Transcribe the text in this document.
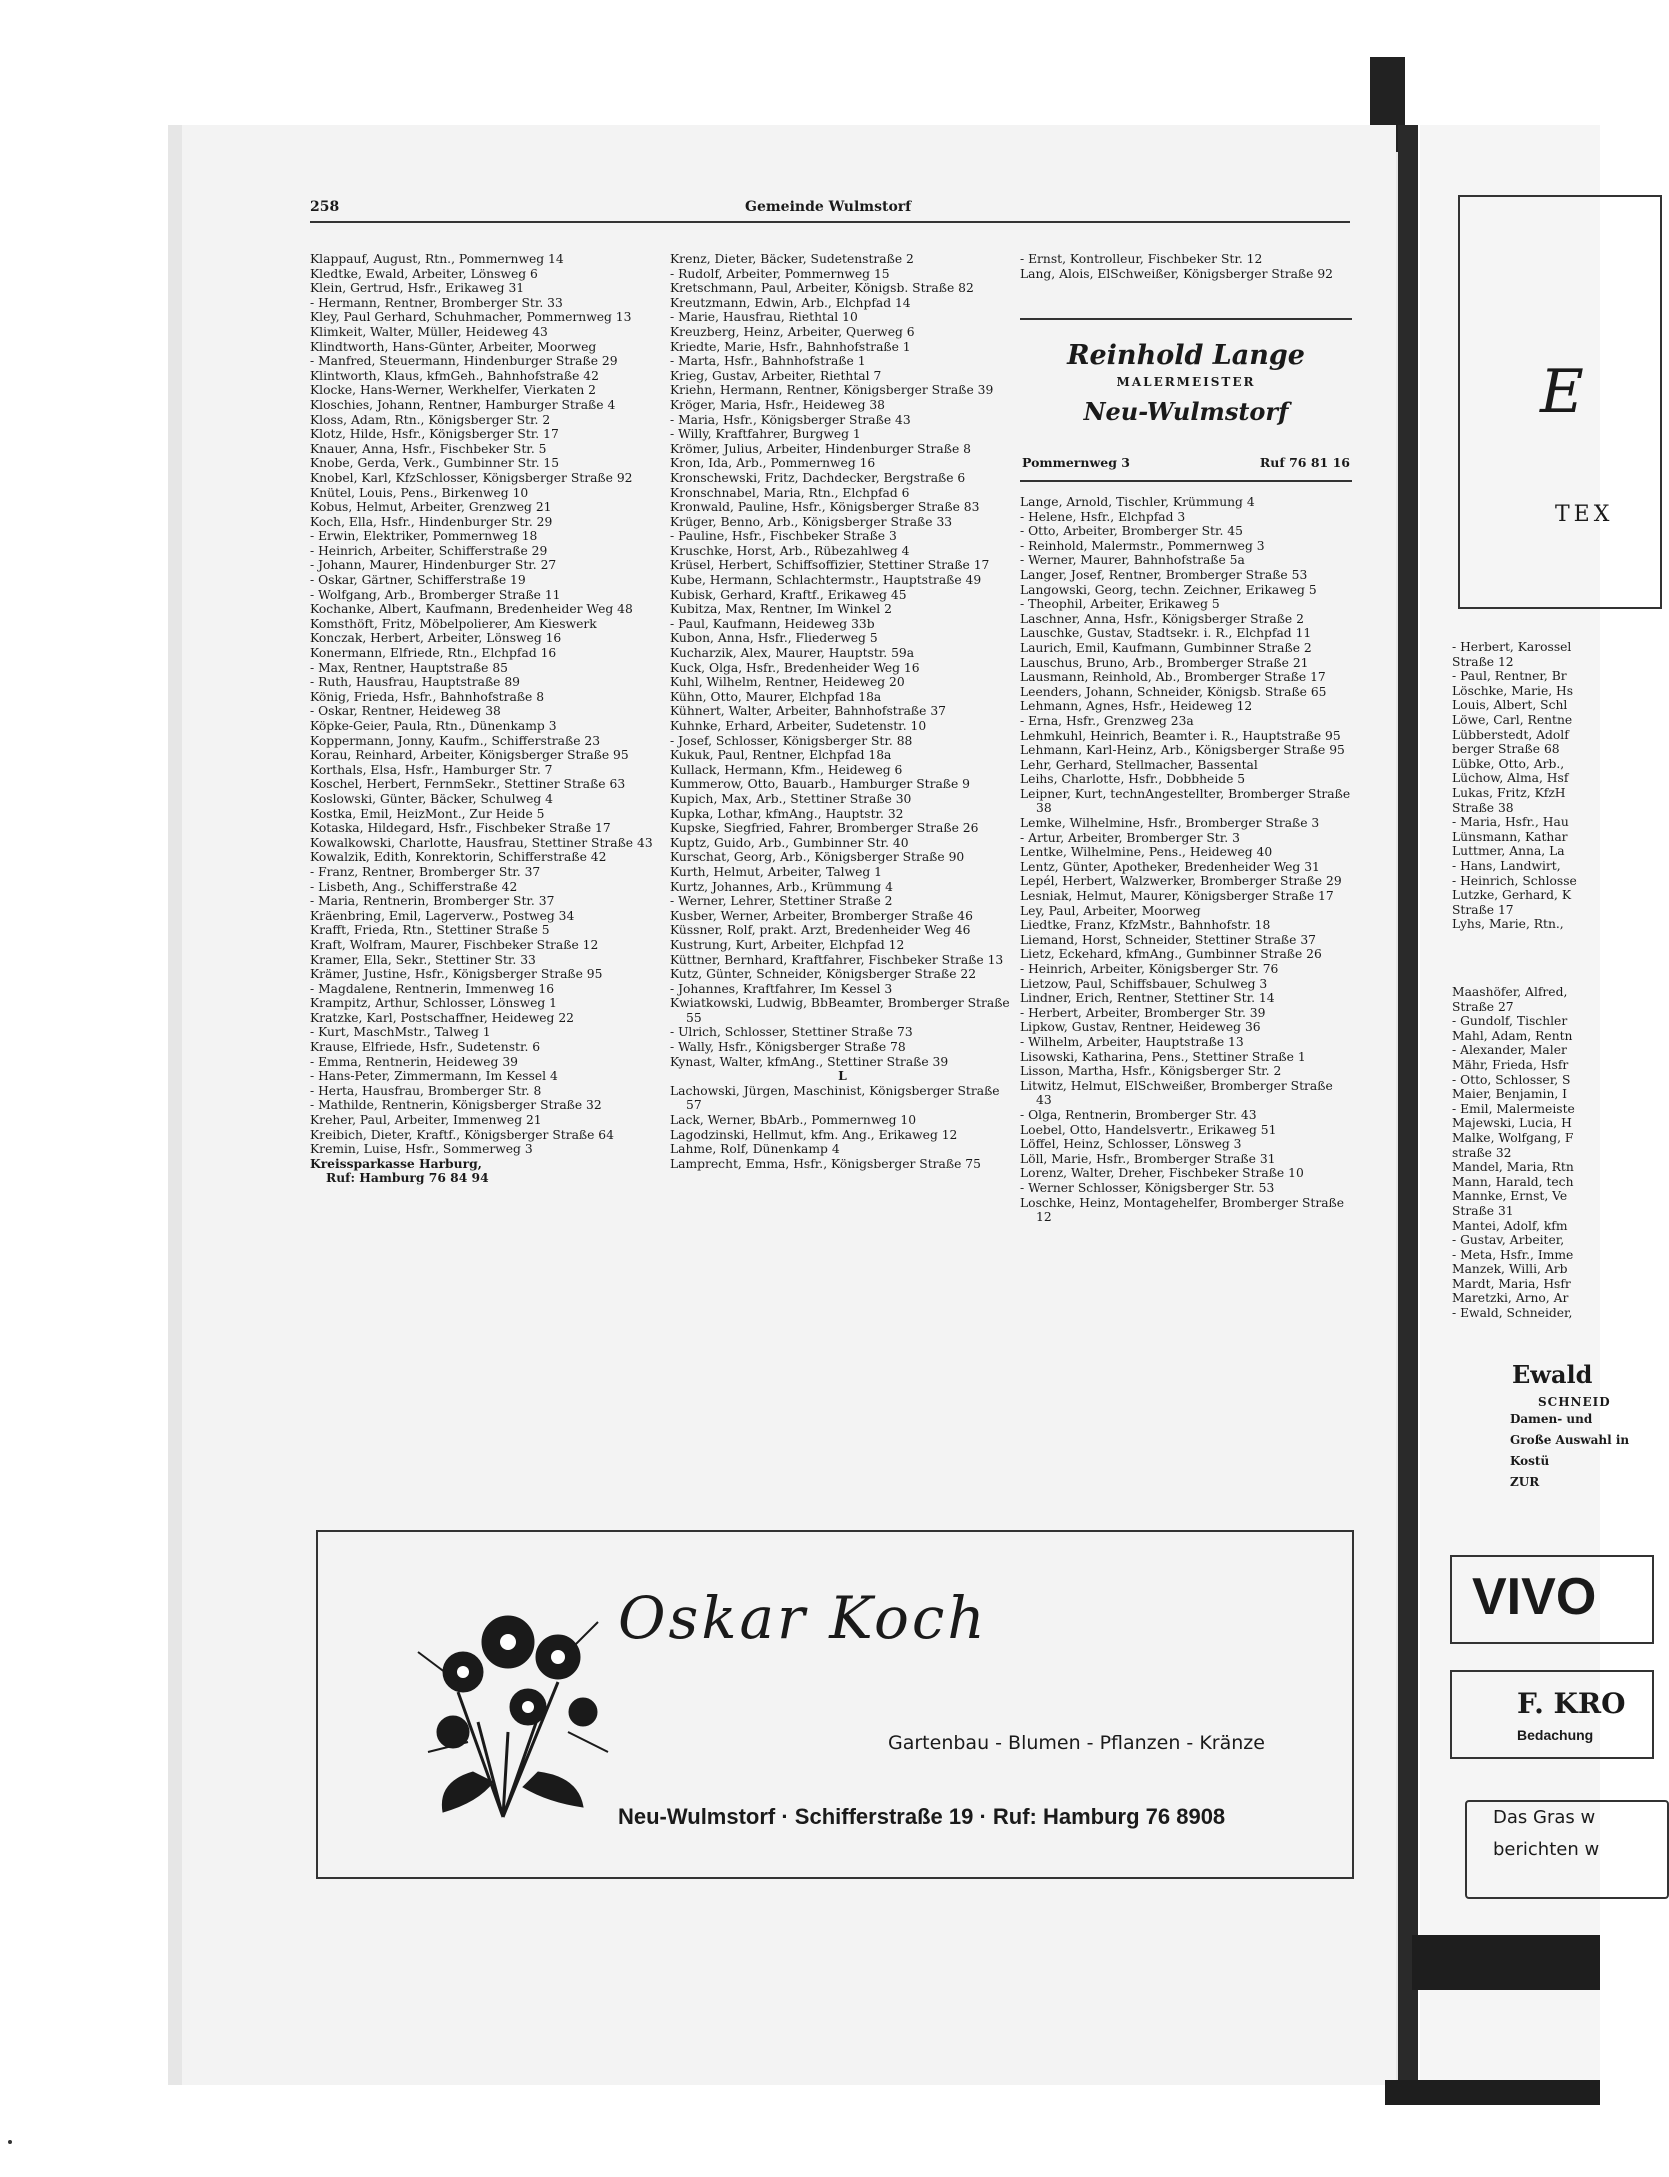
258	Gemeinde Wulmstorf
Klappauf, August, Rtn., Pommernweg 14
Kledtke, Ewald, Arbeiter, Lönsweg 6
Klein, Gertrud, Hsfr., Erikaweg 31
- Hermann, Rentner, Bromberger Str. 33
Kley, Paul Gerhard, Schuhmacher, Pommernweg 13
Klimkeit, Walter, Müller, Heideweg 43
Klindtworth, Hans-Günter, Arbeiter, Moorweg
- Manfred, Steuermann, Hindenburger Straße 29
Klintworth, Klaus, kfmGeh., Bahnhofstraße 42
Klocke, Hans-Werner, Werkhelfer, Vierkaten 2
Kloschies, Johann, Rentner, Hamburger Straße 4
Kloss, Adam, Rtn., Königsberger Str. 2
Klotz, Hilde, Hsfr., Königsberger Str. 17
Knauer, Anna, Hsfr., Fischbeker Str. 5
Knobe, Gerda, Verk., Gumbinner Str. 15
Knobel, Karl, KfzSchlosser, Königsberger Straße 92
Knütel, Louis, Pens., Birkenweg 10
Kobus, Helmut, Arbeiter, Grenzweg 21
Koch, Ella, Hsfr., Hindenburger Str. 29
- Erwin, Elektriker, Pommernweg 18
- Heinrich, Arbeiter, Schifferstraße 29
- Johann, Maurer, Hindenburger Str. 27
- Oskar, Gärtner, Schifferstraße 19
- Wolfgang, Arb., Bromberger Straße 11
Kochanke, Albert, Kaufmann, Bredenheider Weg 48
Komsthöft, Fritz, Möbelpolierer, Am Kieswerk
Konczak, Herbert, Arbeiter, Lönsweg 16
Konermann, Elfriede, Rtn., Elchpfad 16
- Max, Rentner, Hauptstraße 85
- Ruth, Hausfrau, Hauptstraße 89
König, Frieda, Hsfr., Bahnhofstraße 8
- Oskar, Rentner, Heideweg 38
Köpke-Geier, Paula, Rtn., Dünenkamp 3
Koppermann, Jonny, Kaufm., Schifferstraße 23
Korau, Reinhard, Arbeiter, Königsberger Straße 95
Korthals, Elsa, Hsfr., Hamburger Str. 7
Koschel, Herbert, FernmSekr., Stettiner Straße 63
Koslowski, Günter, Bäcker, Schulweg 4
Kostka, Emil, HeizMont., Zur Heide 5
Kotaska, Hildegard, Hsfr., Fischbeker Straße 17
Kowalkowski, Charlotte, Hausfrau, Stettiner Straße 43
Kowalzik, Edith, Konrektorin, Schifferstraße 42
- Franz, Rentner, Bromberger Str. 37
- Lisbeth, Ang., Schifferstraße 42
- Maria, Rentnerin, Bromberger Str. 37
Kräenbring, Emil, Lagerverw., Postweg 34
Krafft, Frieda, Rtn., Stettiner Straße 5
Kraft, Wolfram, Maurer, Fischbeker Straße 12
Kramer, Ella, Sekr., Stettiner Str. 33
Krämer, Justine, Hsfr., Königsberger Straße 95
- Magdalene, Rentnerin, Immenweg 16
Krampitz, Arthur, Schlosser, Lönsweg 1
Kratzke, Karl, Postschaffner, Heideweg 22
- Kurt, MaschMstr., Talweg 1
Krause, Elfriede, Hsfr., Sudetenstr. 6
- Emma, Rentnerin, Heideweg 39
- Hans-Peter, Zimmermann, Im Kessel 4
- Herta, Hausfrau, Bromberger Str. 8
- Mathilde, Rentnerin, Königsberger Straße 32
Kreher, Paul, Arbeiter, Immenweg 21
Kreibich, Dieter, Kraftf., Königsberger Straße 64
Kremin, Luise, Hsfr., Sommerweg 3
Kreissparkasse Harburg,
Ruf: Hamburg 76 84 94
Krenz, Dieter, Bäcker, Sudetenstraße 2
- Rudolf, Arbeiter, Pommernweg 15
Kretschmann, Paul, Arbeiter, Königsb. Straße 82
Kreutzmann, Edwin, Arb., Elchpfad 14
- Marie, Hausfrau, Riethtal 10
Kreuzberg, Heinz, Arbeiter, Querweg 6
Kriedte, Marie, Hsfr., Bahnhofstraße 1
- Marta, Hsfr., Bahnhofstraße 1
Krieg, Gustav, Arbeiter, Riethtal 7
Kriehn, Hermann, Rentner, Königsberger Straße 39
Kröger, Maria, Hsfr., Heideweg 38
- Maria, Hsfr., Königsberger Straße 43
- Willy, Kraftfahrer, Burgweg 1
Krömer, Julius, Arbeiter, Hindenburger Straße 8
Kron, Ida, Arb., Pommernweg 16
Kronschewski, Fritz, Dachdecker, Bergstraße 6
Kronschnabel, Maria, Rtn., Elchpfad 6
Kronwald, Pauline, Hsfr., Königsberger Straße 83
Krüger, Benno, Arb., Königsberger Straße 33
- Pauline, Hsfr., Fischbeker Straße 3
Kruschke, Horst, Arb., Rübezahlweg 4
Krüsel, Herbert, Schiffsoffizier, Stettiner Straße 17
Kube, Hermann, Schlachtermstr., Hauptstraße 49
Kubisk, Gerhard, Kraftf., Erikaweg 45
Kubitza, Max, Rentner, Im Winkel 2
- Paul, Kaufmann, Heideweg 33b
Kubon, Anna, Hsfr., Fliederweg 5
Kucharzik, Alex, Maurer, Hauptstr. 59a
Kuck, Olga, Hsfr., Bredenheider Weg 16
Kuhl, Wilhelm, Rentner, Heideweg 20
Kühn, Otto, Maurer, Elchpfad 18a
Kühnert, Walter, Arbeiter, Bahnhofstraße 37
Kuhnke, Erhard, Arbeiter, Sudetenstr. 10
- Josef, Schlosser, Königsberger Str. 88
Kukuk, Paul, Rentner, Elchpfad 18a
Kullack, Hermann, Kfm., Heideweg 6
Kummerow, Otto, Bauarb., Hamburger Straße 9
Kupich, Max, Arb., Stettiner Straße 30
Kupka, Lothar, kfmAng., Hauptstr. 32
Kupske, Siegfried, Fahrer, Bromberger Straße 26
Kuptz, Guido, Arb., Gumbinner Str. 40
Kurschat, Georg, Arb., Königsberger Straße 90
Kurth, Helmut, Arbeiter, Talweg 1
Kurtz, Johannes, Arb., Krümmung 4
- Werner, Lehrer, Stettiner Straße 2
Kusber, Werner, Arbeiter, Bromberger Straße 46
Küssner, Rolf, prakt. Arzt, Bredenheider Weg 46
Kustrung, Kurt, Arbeiter, Elchpfad 12
Küttner, Bernhard, Kraftfahrer, Fischbeker Straße 13
Kutz, Günter, Schneider, Königsberger Straße 22
- Johannes, Kraftfahrer, Im Kessel 3
Kwiatkowski, Ludwig, BbBeamter, Bromberger Straße 55
- Ulrich, Schlosser, Stettiner Straße 73
- Wally, Hsfr., Königsberger Straße 78
Kynast, Walter, kfmAng., Stettiner Straße 39
L
Lachowski, Jürgen, Maschinist, Königsberger Straße 57
Lack, Werner, BbArb., Pommernweg 10
Lagodzinski, Hellmut, kfm. Ang., Erikaweg 12
Lahme, Rolf, Dünenkamp 4
Lamprecht, Emma, Hsfr., Königsberger Straße 75
- Ernst, Kontrolleur, Fischbeker Str. 12
Lang, Alois, ElSchweißer, Königsberger Straße 92
Reinhold Lange
MALERMEISTER
Neu-Wulmstorf
Pommernweg 3	Ruf 76 81 16
Lange, Arnold, Tischler, Krümmung 4
- Helene, Hsfr., Elchpfad 3
- Otto, Arbeiter, Bromberger Str. 45
- Reinhold, Malermstr., Pommernweg 3
- Werner, Maurer, Bahnhofstraße 5a
Langer, Josef, Rentner, Bromberger Straße 53
Langowski, Georg, techn. Zeichner, Erikaweg 5
- Theophil, Arbeiter, Erikaweg 5
Laschner, Anna, Hsfr., Königsberger Straße 2
Lauschke, Gustav, Stadtsekr. i. R., Elchpfad 11
Laurich, Emil, Kaufmann, Gumbinner Straße 2
Lauschus, Bruno, Arb., Bromberger Straße 21
Lausmann, Reinhold, Ab., Bromberger Straße 17
Leenders, Johann, Schneider, Königsb. Straße 65
Lehmann, Agnes, Hsfr., Heideweg 12
- Erna, Hsfr., Grenzweg 23a
Lehmkuhl, Heinrich, Beamter i. R., Hauptstraße 95
Lehmann, Karl-Heinz, Arb., Königsberger Straße 95
Lehr, Gerhard, Stellmacher, Bassental
Leihs, Charlotte, Hsfr., Dobbheide 5
Leipner, Kurt, technAngestellter, Bromberger Straße 38
Lemke, Wilhelmine, Hsfr., Bromberger Straße 3
- Artur, Arbeiter, Bromberger Str. 3
Lentke, Wilhelmine, Pens., Heideweg 40
Lentz, Günter, Apotheker, Bredenheider Weg 31
Lepél, Herbert, Walzwerker, Bromberger Straße 29
Lesniak, Helmut, Maurer, Königsberger Straße 17
Ley, Paul, Arbeiter, Moorweg
Liedtke, Franz, KfzMstr., Bahnhofstr. 18
Liemand, Horst, Schneider, Stettiner Straße 37
Lietz, Eckehard, kfmAng., Gumbinner Straße 26
- Heinrich, Arbeiter, Königsberger Str. 76
Lietzow, Paul, Schiffsbauer, Schulweg 3
Lindner, Erich, Rentner, Stettiner Str. 14
- Herbert, Arbeiter, Bromberger Str. 39
Lipkow, Gustav, Rentner, Heideweg 36
- Wilhelm, Arbeiter, Hauptstraße 13
Lisowski, Katharina, Pens., Stettiner Straße 1
Lisson, Martha, Hsfr., Königsberger Str. 2
Litwitz, Helmut, ElSchweißer, Bromberger Straße 43
- Olga, Rentnerin, Bromberger Str. 43
Loebel, Otto, Handelsvertr., Erikaweg 51
Löffel, Heinz, Schlosser, Lönsweg 3
Löll, Marie, Hsfr., Bromberger Straße 31
Lorenz, Walter, Dreher, Fischbeker Straße 10
- Werner Schlosser, Königsberger Str. 53
Loschke, Heinz, Montagehelfer, Bromberger Straße 12
Oskar Koch
Gartenbau - Blumen - Pflanzen - Kränze
Neu-Wulmstorf · Schifferstraße 19 · Ruf: Hamburg 76 8908
E
TEX
- Herbert, Karossel
Straße 12
- Paul, Rentner, Br
Löschke, Marie, Hs
Louis, Albert, Schl
Löwe, Carl, Rentne
Lübberstedt, Adolf
berger Straße 68
Lübke, Otto, Arb.,
Lüchow, Alma, Hsf
Lukas, Fritz, KfzH
Straße 38
- Maria, Hsfr., Hau
Lünsmann, Kathar
Luttmer, Anna, La
- Hans, Landwirt,
- Heinrich, Schlosse
Lutzke, Gerhard, K
Straße 17
Lyhs, Marie, Rtn.,
Maashöfer, Alfred,
Straße 27
- Gundolf, Tischler
Mahl, Adam, Rentn
- Alexander, Maler
Mähr, Frieda, Hsfr
- Otto, Schlosser, S
Maier, Benjamin, I
- Emil, Malermeiste
Majewski, Lucia, H
Malke, Wolfgang, F
straße 32
Mandel, Maria, Rtn
Mann, Harald, tech
Mannke, Ernst, Ve
Straße 31
Mantei, Adolf, kfm
- Gustav, Arbeiter,
- Meta, Hsfr., Imme
Manzek, Willi, Arb
Mardt, Maria, Hsfr
Maretzki, Arno, Ar
- Ewald, Schneider,
Ewald
SCHNEID
Damen- und
Große Auswahl in
Kostü
ZUR
VIVO
F. KRO
Bedachung
Das Gras w
berichten w
